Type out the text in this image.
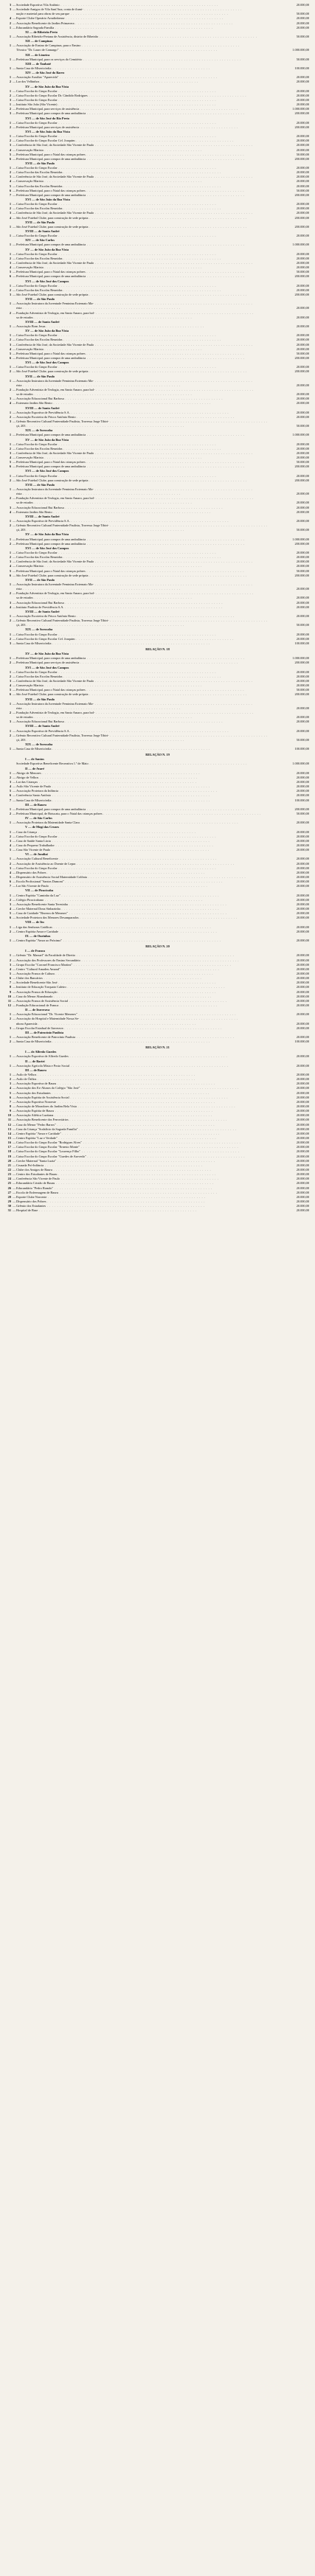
3 — Sociedade Esportiva Vila Antônio . . .	20.000,00
3 — Sociedade Amigos de Vila Sant'Ana, conta de ilumi- . . .
nação e material para obras de seu parque . . .	50.000,00
4 — Esporte Clube Operário Arrudinhense . . .	20.000,00
2 — Associação Beneficente do Jardim Primavera . . .	20.000,00
1 — Educandário Sagrada Família . . .	20.000,00
XI — de Ribeirão Preto
1 — Associação Ribeirão-Pretana de Assistência, distrito de Ribeirão . . .	50.000,00
XII — de Campinas
1 — Associação de Ensino de Campinas, para o Ensino . . .
Técnico "Dr. Lauro de Camargo" . . .	1.000.000,00
XII — de Limeira
1 — Prefeitura Municipal, para os serviços do Cemitério . . .	50.000,00
XIII — de Taubaté
1 — Santa Casa de Misericórdia . . .	100.000,00
XIV — de São José do Barro
1 — Associação Auxiliar "Aparecida" . . .	20.000,00
2 — Lar dos Velhinhos . . .	20.000,00
XV — de São João da Boa Vista
1 — Caixa Escolar do Grupo Escolar . . .	20.000,00
2 — Caixa Escolar do Grupo Escolar Dr. Cândido Rodrigues . . .	20.000,00
3 — Caixa Escolar do Grupo Escolar . . .	20.000,00
1 — Instituto São João (São Vicente) . . .	20.000,00
2 — Prefeitura Municipal, para serviços de assistência . . .	1.000.000,00
3 — Prefeitura Municipal, para compra de uma ambulância . . .	200.000,00
XVI — de São José do Rio Preto
1 — Caixa Escolar do Grupo Escolar . . .	20.000,00
2 — Prefeitura Municipal, para serviços de assistência . . .	200.000,00
XVI — de São João da Boa Vista
1 — Caixa Escolar do Grupo Escolar . . .	20.000,00
2 — Caixa Escolar do Grupo Escolar Cel. Joaquim . . .	20.000,00
3 — Conferência de São José, da Sociedade São Vicente de Paulo . . .	20.000,00
4 — Conservação Marista . . .	20.000,00
5 — Prefeitura Municipal, para o Natal das crianças pobres . . .	50.000,00
6 — Prefeitura Municipal, para compra de uma ambulância . . .	200.000,00
XVII — de São Paulo
1 — Caixa Escolar do Grupo Escolar . . .	20.000,00
2 — Caixa Escolar das Escolas Reunidas . . .	20.000,00
3 — Conferência de São José, da Sociedade São Vicente de Paulo . . .	20.000,00
4 — Conservação Marista . . .	20.000,00
5 — Caixa Escolar das Escolas Reunidas . . .	20.000,00
6 — Prefeitura Municipal, para o Natal das crianças pobres . . .	50.000,00
7 — Prefeitura Municipal, para compra de uma ambulância . . .	200.000,00
XVI — de São João da Boa Vista
1 — Caixa Escolar do Grupo Escolar . . .	20.000,00
2 — Caixa Escolar das Escolas Reunidas . . .	20.000,00
3 — Conferência de São José, da Sociedade São Vicente de Paulo . . .	20.000,00
4 — São José Futebol Clube, para construção de sede própria . . .	200.000,00
XVII — de São Paulo
1 — São José Futebol Clube, para construção de sede própria . . .	200.000,00
XVIII — de Santo André
1 — Caixa Escolar do Grupo Escolar . . .	20.000,00
XIV — de São Carlos
1 — Prefeitura Municipal, para compra de uma ambulância . . .	1.000.000,00
XV — de São João da Boa Vista
1 — Caixa Escolar do Grupo Escolar . . .	20.000,00
2 — Caixa Escolar das Escolas Reunidas . . .	20.000,00
3 — Conferência de São José, da Sociedade São Vicente de Paulo . . .	20.000,00
4 — Conservação Marista . . .	20.000,00
5 — Prefeitura Municipal, para o Natal das crianças pobres . . .	50.000,00
6 — Prefeitura Municipal, para compra de uma ambulância . . .	200.000,00
XVI — de São José dos Campos
1 — Caixa Escolar do Grupo Escolar . . .	20.000,00
2 — Caixa Escolar das Escolas Reunidas . . .	20.000,00
3 — São José Futebol Clube, para construção de sede própria . . .	200.000,00
XVII — de São Paulo
1 — Associação Instrutora da Juventude Feminina Externato Ma- . . .
rista . . .	20.000,00
2 — Fundação Adventista de Teologia, em Santo Amaro, para bol- . . .
sa de estudos . . .	20.000,00
XVIII — de Santo André
1 — Associação Bom Jesus . . .	20.000,00
XV — de São João da Boa Vista
1 — Caixa Escolar do Grupo Escolar . . .	20.000,00
2 — Caixa Escolar das Escolas Reunidas . . .	20.000,00
3 — Conferência de São José, da Sociedade São Vicente de Paulo . . .	20.000,00
4 — Conservação Marista . . .	20.000,00
5 — Prefeitura Municipal, para o Natal das crianças pobres . . .	50.000,00
6 — Prefeitura Municipal, para compra de uma ambulância . . .	200.000,00
XVI — de São José dos Campos
1 — Caixa Escolar do Grupo Escolar . . .	20.000,00
2 — São José Futebol Clube, para construção de sede própria . . .	200.000,00
XVII — de São Paulo
1 — Associação Instrutora da Juventude Feminina Externato Ma- . . .
rista . . .	20.000,00
2 — Fundação Adventista de Teologia, em Santo Amaro, para bol- . . .
sa de estudos . . .	20.000,00
3 — Associação Educacional Rui Barbosa . . .	20.000,00
4 — Externato Jardim São Bento . . .	20.000,00
XVIII — de Santo André
1 — Associação Esportiva de Previdência S.A. . . .	20.000,00
2 — Associação Escoteira do Prisco Antônio Bento . . .	20.000,00
3 — Grêmio Recreativo Cultural Fraternidade Paulista, Travessa Jorge Tibiri- . . .
çá, 203 . . .	50.000,00
XIX — de Sorocaba
1 — Prefeitura Municipal, para compra de uma ambulância . . .	1.000.000,00
XV — de São João da Boa Vista
1 — Caixa Escolar do Grupo Escolar . . .	20.000,00
2 — Caixa Escolar das Escolas Reunidas . . .	20.000,00
3 — Conferência de São José, da Sociedade São Vicente de Paulo . . .	20.000,00
4 — Conservação Marista . . .	20.000,00
5 — Prefeitura Municipal, para o Natal das crianças pobres . . .	50.000,00
6 — Prefeitura Municipal, para compra de uma ambulância . . .	200.000,00
XVI — de São José dos Campos
1 — Caixa Escolar do Grupo Escolar . . .	20.000,00
2 — São José Futebol Clube, para construção de sede própria . . .	200.000,00
XVII — de São Paulo
1 — Associação Instrutora da Juventude Feminina Externato Ma- . . .
rista . . .	20.000,00
2 — Fundação Adventista de Teologia, em Santo Amaro, para bol- . . .
sa de estudos . . .	20.000,00
3 — Associação Educacional Rui Barbosa . . .	20.000,00
4 — Externato Jardim São Bento . . .	20.000,00
XVIII — de Santo André
1 — Associação Esportiva de Previdência S.A. . . .	20.000,00
2 — Grêmio Recreativo Cultural Fraternidade Paulista, Travessa Jorge Tibiri- . . .
çá, 203 . . .	50.000,00
XV — de São João da Boa Vista
1 — Prefeitura Municipal, para compra de uma ambulância . . .	1.000.000,00
2 — Prefeitura Municipal, para compra de uma ambulância . . .	200.000,00
XVI — de São José dos Campos
1 — Caixa Escolar do Grupo Escolar . . .	20.000,00
2 — Caixa Escolar das Escolas Reunidas . . .	20.000,00
3 — Conferência de São José, da Sociedade São Vicente de Paulo . . .	20.000,00
4 — Conservação Marista . . .	20.000,00
5 — Prefeitura Municipal, para o Natal das crianças pobres . . .	50.000,00
6 — São José Futebol Clube, para construção de sede própria . . .	200.000,00
XVII — de São Paulo
1 — Associação Instrutora da Juventude Feminina Externato Ma- . . .
rista . . .	20.000,00
2 — Fundação Adventista de Teologia, em Santo Amaro, para bol- . . .
sa de estudos . . .	20.000,00
3 — Associação Educacional Rui Barbosa . . .	20.000,00
4 — Instituto Paulista de Previdência S.A. . . .	20.000,00
XVIII — de Santo André
1 — Associação Escoteira do Prisco Antônio Bento . . .	20.000,00
2 — Grêmio Recreativo Cultural Fraternidade Paulista, Travessa Jorge Tibiri- . . .
çá, 203 . . .	50.000,00
XIX — de Sorocaba
1 — Caixa Escolar do Grupo Escolar . . .	20.000,00
2 — Caixa Escolar do Grupo Escolar Cel. Joaquim . . .	20.000,00
3 — Santa Casa de Misericórdia . . .	100.000,00
RELAÇÃO N. 18
XV — de São João da Boa Vista
1 — Prefeitura Municipal, para compra de uma ambulância . . .	1.000.000,00
2 — Prefeitura Municipal, para serviços de assistência . . .	200.000,00
XVI — de São José dos Campos
1 — Caixa Escolar do Grupo Escolar . . .	20.000,00
2 — Caixa Escolar das Escolas Reunidas . . .	20.000,00
3 — Conferência de São José, da Sociedade São Vicente de Paulo . . .	20.000,00
4 — Conservação Marista . . .	20.000,00
5 — Prefeitura Municipal, para o Natal das crianças pobres . . .	50.000,00
6 — São José Futebol Clube, para construção de sede própria . . .	200.000,00
XVII — de São Paulo
1 — Associação Instrutora da Juventude Feminina Externato Ma- . . .
rista . . .	20.000,00
2 — Fundação Adventista de Teologia, em Santo Amaro, para bol- . . .
sa de estudos . . .	20.000,00
3 — Associação Educacional Rui Barbosa . . .	20.000,00
XVIII — de Santo André
1 — Associação Esportiva de Previdência S.A. . . .	20.000,00
2 — Grêmio Recreativo Cultural Fraternidade Paulista, Travessa Jorge Tibiri- . . .
çá, 203 . . .	50.000,00
XIX — de Sorocaba
1 — Santa Casa de Misericórdia . . .	100.000,00
RELAÇÃO N. 19
I — de Santos
Sociedade Esportiva Beneficente Recreativa 1.º de Maio . . .	1.000.000,00
II — de Avaré
1 — Abrigo de Menores . . .	20.000,00
2 — Abrigo de Velhos . . .	20.000,00
3 — Lar das Crianças . . .	20.000,00
4 — Asilo São Vicente de Paulo . . .	20.000,00
5 — Associação Protetora da Infância . . .	20.000,00
6 — Conferência Santo Antônio . . .	20.000,00
7 — Santa Casa de Misericórdia . . .	100.000,00
III — de Bauru
1 — Prefeitura Municipal, para compra de uma ambulância . . .	200.000,00
2 — Prefeitura Municipal, de Botucatu, para o Natal das crianças pobres . . .	50.000,00
IV — de São Carlos
1 — Associação Protetora da Maternidade Santa Clara . . .	20.000,00
V — de Mogi das Cruzes
1 — Casa da Criança . . .	20.000,00
2 — Caixa Escolar do Grupo Escolar . . .	20.000,00
3 — Casa de Saúde Santa Lúcia . . .	20.000,00
4 — Casa do Pequeno Trabalhador . . .	20.000,00
5 — Casa São Vicente de Paulo . . .	20.000,00
VI — de Jundiaí
1 — Associação Cultural Beneficente . . .	20.000,00
2 — Associação de Assistência ao Doente de Lepra . . .	20.000,00
3 — Caixa Escolar do Grupo Escolar . . .	20.000,00
4 — Dispensário dos Pobres . . .	20.000,00
5 — Dispensário de Assistência Social Maternidade Colônia . . .	20.000,00
6 — Escola Profissional "Santos Dumont" . . .	20.000,00
7 — Lar São Vicente de Paulo . . .	20.000,00
VII — de Piracicaba
1 — Centro Espírita "Caminho da Luz" . . .	20.000,00
2 — Colégio Piracicabano . . .	20.000,00
3 — Associação Beneficente Santa Teresinha . . .	20.000,00
4 — Creche Maternal Dona Sinhazinha . . .	20.000,00
5 — Casa de Caridade "Bezerra de Menezes" . . .	20.000,00
6 — Sociedade Protetora dos Menores Desamparados . . .	20.000,00
VIII — de Itu
1 — Liga das Senhoras Católicas . . .	20.000,00
2 — Centro Espírita Amor e Caridade . . .	20.000,00
IX — de Ourinhos
1 — Centro Espírita "Amor ao Próximo" . . .	20.000,00
RELAÇÃO N. 20
I — de Franca
1 — Grêmio "Dr. Manuel" da Faculdade de Direito . . .	20.000,00
2 — Associação dos Professores do Ensino Secundário . . .	20.000,00
3 — Grupo Escolar "Coronel Francisco Martins" . . .	20.000,00
4 — Centro "Cultural Amadeu Amaral" . . .	20.000,00
5 — Associação Franca de Cultura . . .	20.000,00
6 — Clube dos Bancários . . .	20.000,00
7 — Sociedade Beneficente São José . . .	20.000,00
8 — Instituto de Educação Torquato Caleiro . . .	20.000,00
9 — Associação Franca de Educação . . .	20.000,00
10 — Casa do Menor Abandonado . . .	20.000,00
11 — Associação Franca de Assistência Social . . .	20.000,00
12 — Fundação Educacional de Franca . . .	20.000,00
II — de Ituverava
1 — Associação Educacional "Dr. Vicente Menezes" . . .	20.000,00
2 — Associação do Hospital e Maternidade Nossa Se- . . .
nhora Aparecida . . .	20.000,00
3 — Grupo Escolar Estadual de Ituverava . . .	20.000,00
III — de Patrocínio Paulista
1 — Associação Beneficente de Patrocínio Paulista . . .	20.000,00
2 — Santa Casa de Misericórdia . . .	100.000,00
RELAÇÃO N. 21
I — de Alfredo Guedes
1 — Associação Esportiva de Alfredo Guedes . . .	20.000,00
II — de Bariri
1 — Associação Agrícola Mista e Posto Social . . .	20.000,00
III — de Bauru
1 — Asilo de Velhos . . .	20.000,00
2 — Asilo de Órfãos . . .	20.000,00
3 — Associação Esportiva de Bauru . . .	20.000,00
4 — Associação dos Ex-Alunos do Colégio "São José" . . .	20.000,00
5 — Associação dos Estudantes . . .	20.000,00
6 — Associação Espírita de Assistência Social . . .	20.000,00
7 — Associação Esportiva Noroeste . . .	20.000,00
8 — Associação de Moradores do Jardim Bela Vista . . .	20.000,00
9 — Associação Espírita de Bauru . . .	20.000,00
10 — Associação Atlética Luzitana . . .	20.000,00
11 — Associação Beneficente dos Ferroviários . . .	20.000,00
12 — Casa do Menor "Pedro Barros" . . .	20.000,00
13 — Casa da Criança "Sodalício da Sagrada Família" . . .	20.000,00
14 — Centro Espírita "Amor e Caridade" . . .	20.000,00
15 — Centro Espírita "Luz e Verdade" . . .	20.000,00
16 — Caixa Escolar do Grupo Escolar "Rodrigues Alves" . . .	20.000,00
17 — Caixa Escolar do Grupo Escolar "Ernesto Monte" . . .	20.000,00
18 — Caixa Escolar do Grupo Escolar "Lourenço Filho" . . .	20.000,00
19 — Caixa Escolar do Grupo Escolar "Guedes de Azevedo" . . .	20.000,00
20 — Creche Maternal "Santa Luzia" . . .	20.000,00
21 — Cruzada Pró-Infância . . .	20.000,00
22 — Clube dos Amigos de Bauru . . .	20.000,00
23 — Centro dos Estudantes de Bauru . . .	20.000,00
24 — Conferência São Vicente de Paulo . . .	20.000,00
25 — Educandário Cristão de Bauru . . .	20.000,00
26 — Educandário "Pedro Romão" . . .	20.000,00
27 — Escola de Enfermagem de Bauru . . .	20.000,00
28 — Esporte Clube Noroeste . . .	20.000,00
29 — Dispensário dos Pobres . . .	20.000,00
30 — Grêmio dos Estudantes . . .	20.000,00
31 — Hospital de Base . . .	20.000,00
